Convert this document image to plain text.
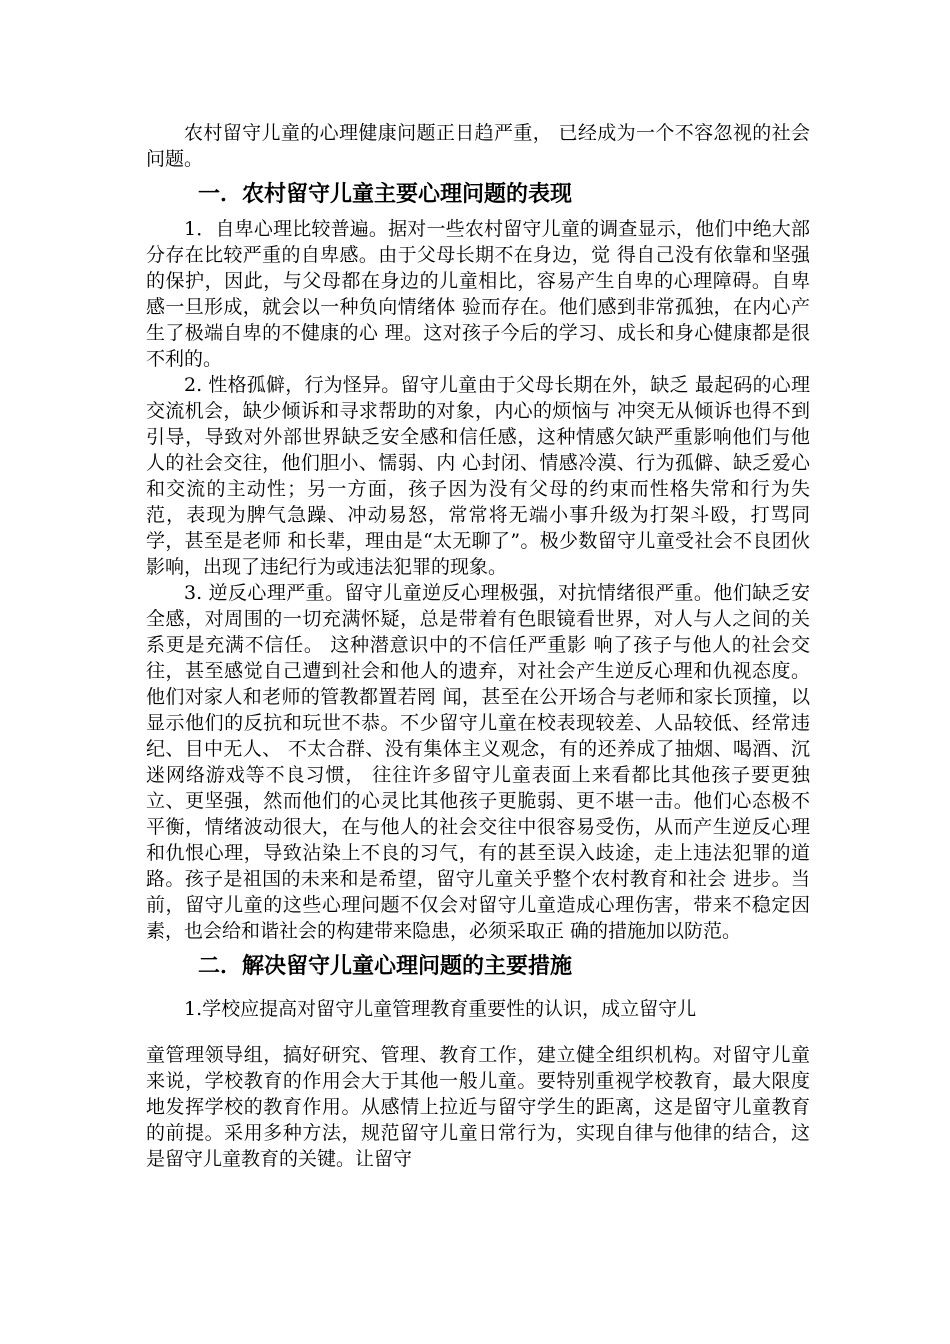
农村留守儿童的心理健康问题正日趋严重， 已经成为一个不容忽视的社会问题。

一．农村留守儿童主要心理问题的表现

1．自卑心理比较普遍。据对一些农村留守儿童的调查显示，他们中绝大部分存在比较严重的自卑感。由于父母长期不在身边，觉 得自己没有依靠和坚强的保护，因此，与父母都在身边的儿童相比，容易产生自卑的心理障碍。自卑感一旦形成，就会以一种负向情绪体 验而存在。他们感到非常孤独，在内心产生了极端自卑的不健康的心 理。这对孩子今后的学习、成长和身心健康都是很不利的。

2. 性格孤僻，行为怪异。留守儿童由于父母长期在外，缺乏 最起码的心理交流机会，缺少倾诉和寻求帮助的对象，内心的烦恼与 冲突无从倾诉也得不到引导，导致对外部世界缺乏安全感和信任感，这种情感欠缺严重影响他们与他人的社会交往，他们胆小、懦弱、内 心封闭、情感冷漠、行为孤僻、缺乏爱心和交流的主动性；另一方面，孩子因为没有父母的约束而性格失常和行为失范，表现为脾气急躁、冲动易怒，常常将无端小事升级为打架斗殴，打骂同学，甚至是老师 和长辈，理由是“太无聊了”。极少数留守儿童受社会不良团伙影响，出现了违纪行为或违法犯罪的现象。

3. 逆反心理严重。留守儿童逆反心理极强，对抗情绪很严重。他们缺乏安全感，对周围的一切充满怀疑，总是带着有色眼镜看世界，对人与人之间的关系更是充满不信任。 这种潜意识中的不信任严重影 响了孩子与他人的社会交往，甚至感觉自己遭到社会和他人的遗弃，对社会产生逆反心理和仇视态度。他们对家人和老师的管教都置若罔 闻，甚至在公开场合与老师和家长顶撞，以显示他们的反抗和玩世不恭。不少留守儿童在校表现较差、人品较低、经常违纪、目中无人、 不太合群、没有集体主义观念，有的还养成了抽烟、喝酒、沉迷网络游戏等不良习惯， 往往许多留守儿童表面上来看都比其他孩子要更独 立、更坚强，然而他们的心灵比其他孩子更脆弱、更不堪一击。他们心态极不平衡，情绪波动很大，在与他人的社会交往中很容易受伤，从而产生逆反心理和仇恨心理，导致沾染上不良的习气，有的甚至误入歧途，走上违法犯罪的道路。孩子是祖国的未来和是希望，留守儿童关乎整个农村教育和社会 进步。当前，留守儿童的这些心理问题不仅会对留守儿童造成心理伤害，带来不稳定因素，也会给和谐社会的构建带来隐患，必须采取正 确的措施加以防范。

二．解决留守儿童心理问题的主要措施

1.学校应提高对留守儿童管理教育重要性的认识，成立留守儿

童管理领导组，搞好研究、管理、教育工作，建立健全组织机构。对留守儿童来说，学校教育的作用会大于其他一般儿童。要特别重视学校教育，最大限度地发挥学校的教育作用。从感情上拉近与留守学生的距离，这是留守儿童教育的前提。采用多种方法，规范留守儿童日常行为，实现自律与他律的结合，这是留守儿童教育的关键。让留守
